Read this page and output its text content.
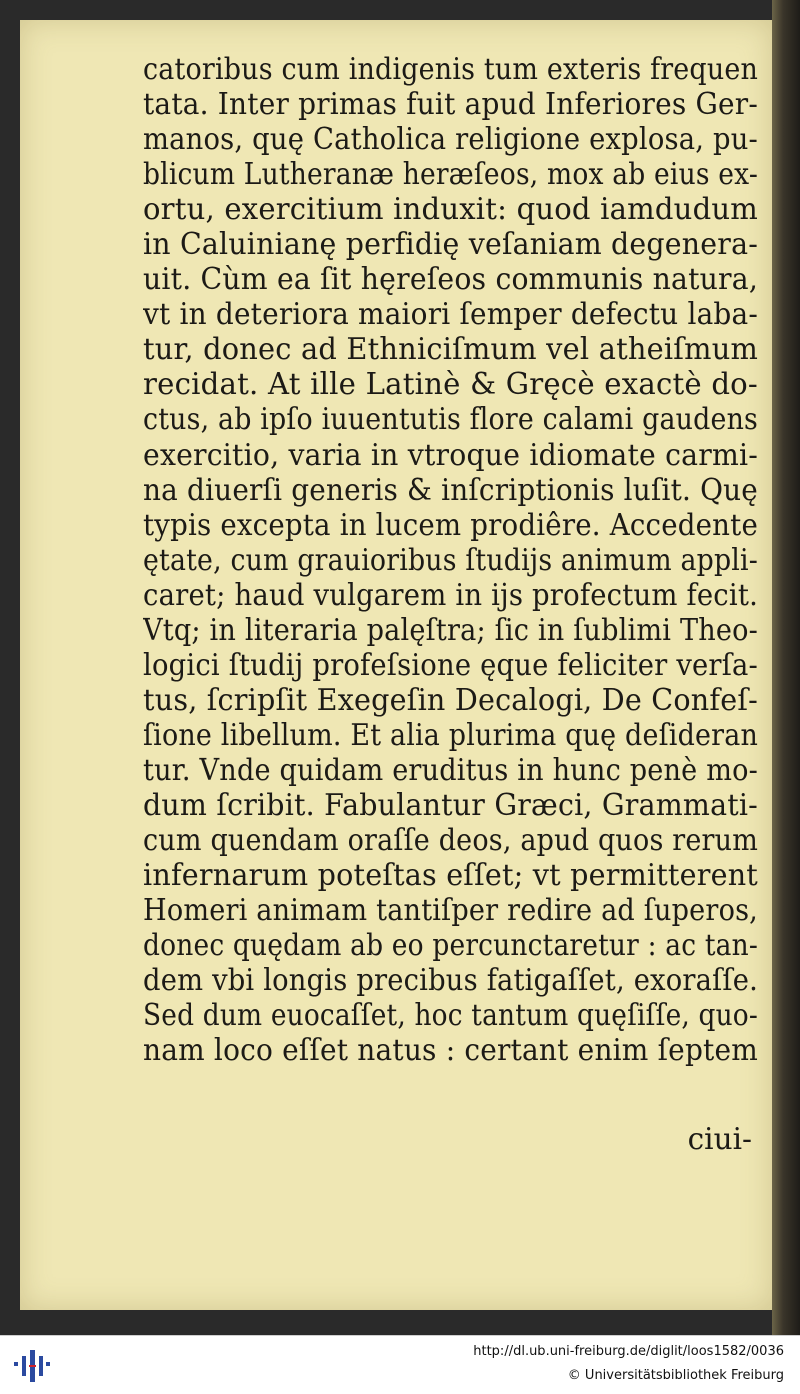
catoribus cum indigenis tum exteris frequen
tata. Inter primas fuit apud Inferiores Ger-
manos, quę Catholica religione explosa, pu-
blicum Lutheranæ heræſeos, mox ab eius ex-
ortu, exercitium induxit: quod iamdudum
in Caluinianę perfidię veſaniam degenera-
uit. Cùm ea ſit hęreſeos communis natura,
vt in deteriora maiori ſemper defectu laba-
tur, donec ad Ethniciſmum vel atheiſmum
recidat. At ille Latinè & Gręcè exactè do-
ctus, ab ipſo iuuentutis flore calami gaudens
exercitio, varia in vtroque idiomate carmi-
na diuerſi generis & inſcriptionis luſit. Quę
typis excepta in lucem prodiêre. Accedente
ętate, cum grauioribus ſtudijs animum appli-
caret; haud vulgarem in ijs profectum fecit.
Vtq; in literaria palęſtra; ſic in ſublimi Theo-
logici ſtudij profeſsione ęque feliciter verſa-
tus, ſcripſit Exegeſin Decalogi, De Confeſ-
ſione libellum. Et alia plurima quę deſideran
tur. Vnde quidam eruditus in hunc penè mo-
dum ſcribit. Fabulantur Græci, Grammati-
cum quendam oraſſe deos, apud quos rerum
infernarum poteſtas eſſet; vt permitterent
Homeri animam tantiſper redire ad ſuperos,
donec quędam ab eo percunctaretur : ac tan-
dem vbi longis precibus fatigaſſet, exoraſſe.
Sed dum euocaſſet, hoc tantum quęſiſſe, quo-
nam loco eſſet natus : certant enim ſeptem
ciui-
http://dl.ub.uni-freiburg.de/diglit/loos1582/0036
© Universitätsbibliothek Freiburg
